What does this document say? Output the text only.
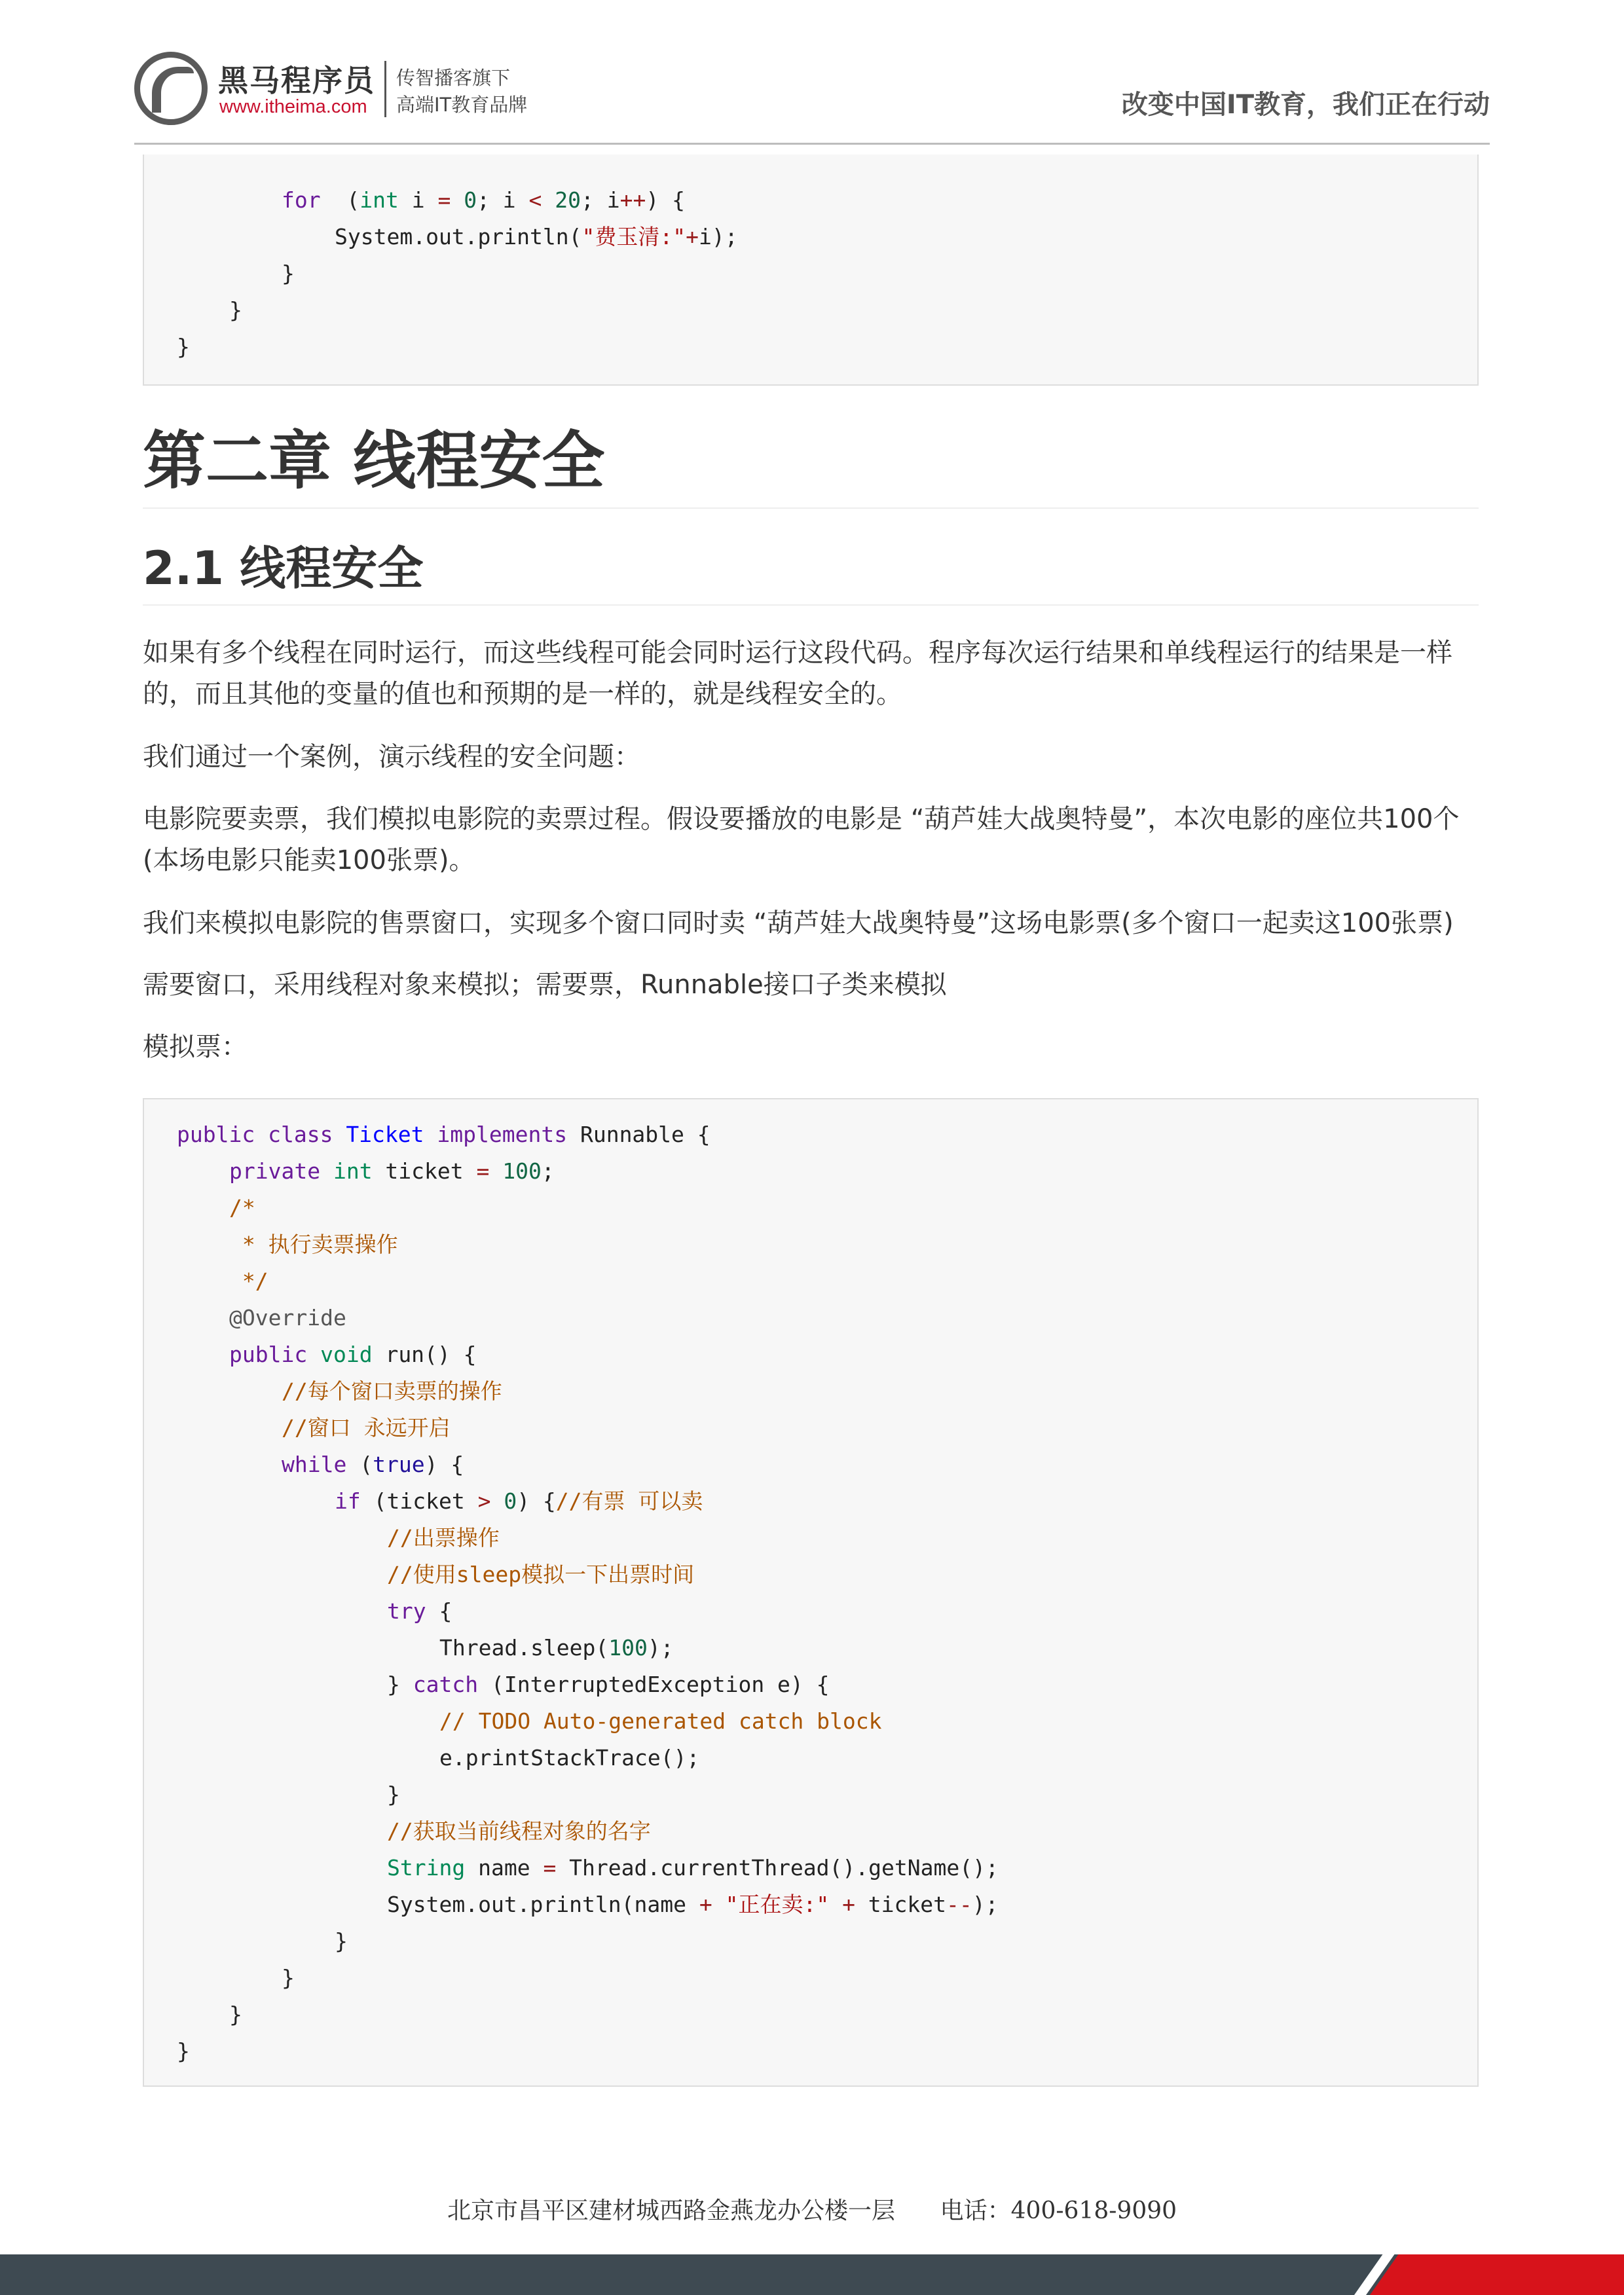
黑马程序员
www.itheima.com
传智播客旗下
高端IT教育品牌	改变中国IT教育，我们正在行动
for  (int i = 0; i < 20; i++) {
System.out.println("费玉清:"+i);
}
}
}
第二章 线程安全
2.1 线程安全
如果有多个线程在同时运行，而这些线程可能会同时运行这段代码。程序每次运行结果和单线程运行的结果是一样的，而且其他的变量的值也和预期的是一样的，就是线程安全的。
我们通过一个案例，演示线程的安全问题：
电影院要卖票，我们模拟电影院的卖票过程。假设要播放的电影是 “葫芦娃大战奥特曼”，本次电影的座位共100个(本场电影只能卖100张票)。
我们来模拟电影院的售票窗口，实现多个窗口同时卖 “葫芦娃大战奥特曼”这场电影票(多个窗口一起卖这100张票)
需要窗口，采用线程对象来模拟；需要票，Runnable接口子类来模拟
模拟票：
public class Ticket implements Runnable {
private int ticket = 100;
/*
* 执行卖票操作
*/
@Override
public void run() {
//每个窗口卖票的操作
//窗口 永远开启
while (true) {
if (ticket > 0) {//有票 可以卖
//出票操作
//使用sleep模拟一下出票时间
try {
Thread.sleep(100);
} catch (InterruptedException e) {
// TODO Auto-generated catch block
e.printStackTrace();
}
//获取当前线程对象的名字
String name = Thread.currentThread().getName();
System.out.println(name + "正在卖:" + ticket--);
}
}
}
}
北京市昌平区建材城西路金燕龙办公楼一层 电话：400-618-9090
